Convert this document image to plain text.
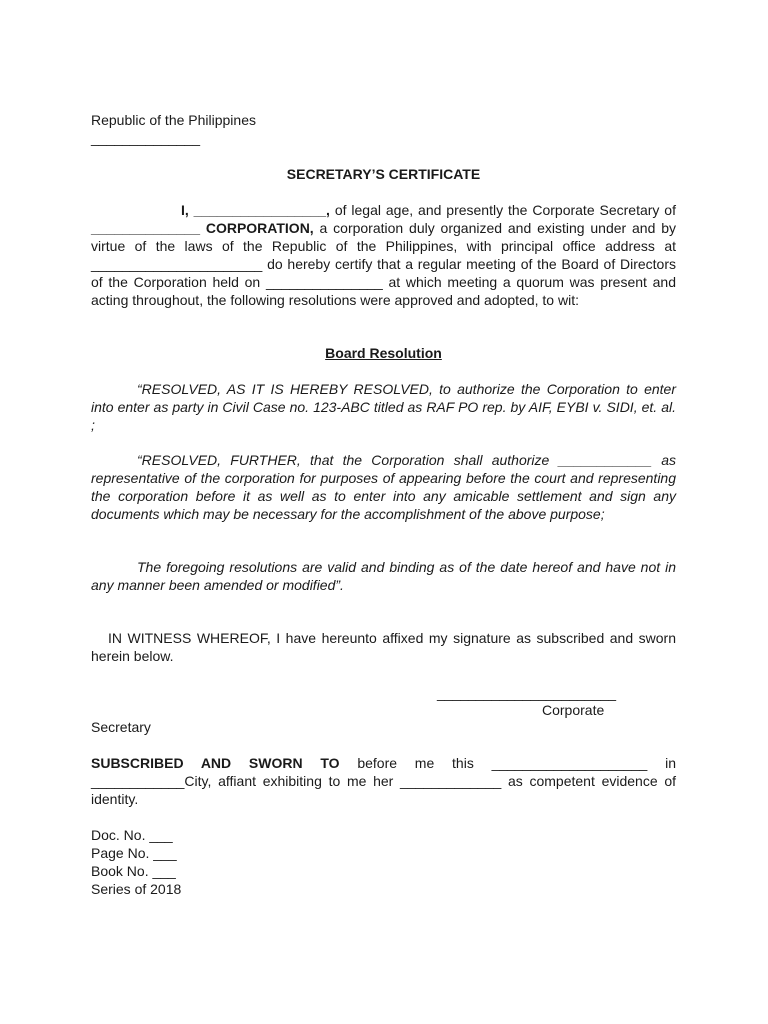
Republic of the Philippines
______________
SECRETARY’S CERTIFICATE

I, _________________, of legal age, and presently the Corporate Secretary of ______________ CORPORATION, a corporation duly organized and existing under and by virtue of the laws of the Republic of the Philippines, with principal office address at ______________________ do hereby certify that a regular meeting of the Board of Directors of the Corporation held on _______________ at which meeting a quorum was present and acting throughout, the following resolutions were approved and adopted, to wit:

Board Resolution

“RESOLVED, AS IT IS HEREBY RESOLVED, to authorize the Corporation to enter into enter as party in Civil Case no. 123-ABC titled as RAF PO rep. by AIF, EYBI v. SIDI, et. al. ;

“RESOLVED, FURTHER, that the Corporation shall authorize ____________ as representative of the corporation for purposes of appearing before the court and representing the corporation before it as well as to enter into any amicable settlement and sign any documents which may be necessary for the accomplishment of the above purpose;

The foregoing resolutions are valid and binding as of the date hereof and have not in any manner been amended or modified”.

IN WITNESS WHEREOF, I have hereunto affixed my signature as subscribed and sworn herein below.

_______________________
Corporate
Secretary

SUBSCRIBED AND SWORN TO before me this ____________________ in ____________City, affiant exhibiting to me her _____________ as competent evidence of identity.

Doc. No. ___
Page No. ___
Book No. ___
Series of 2018
